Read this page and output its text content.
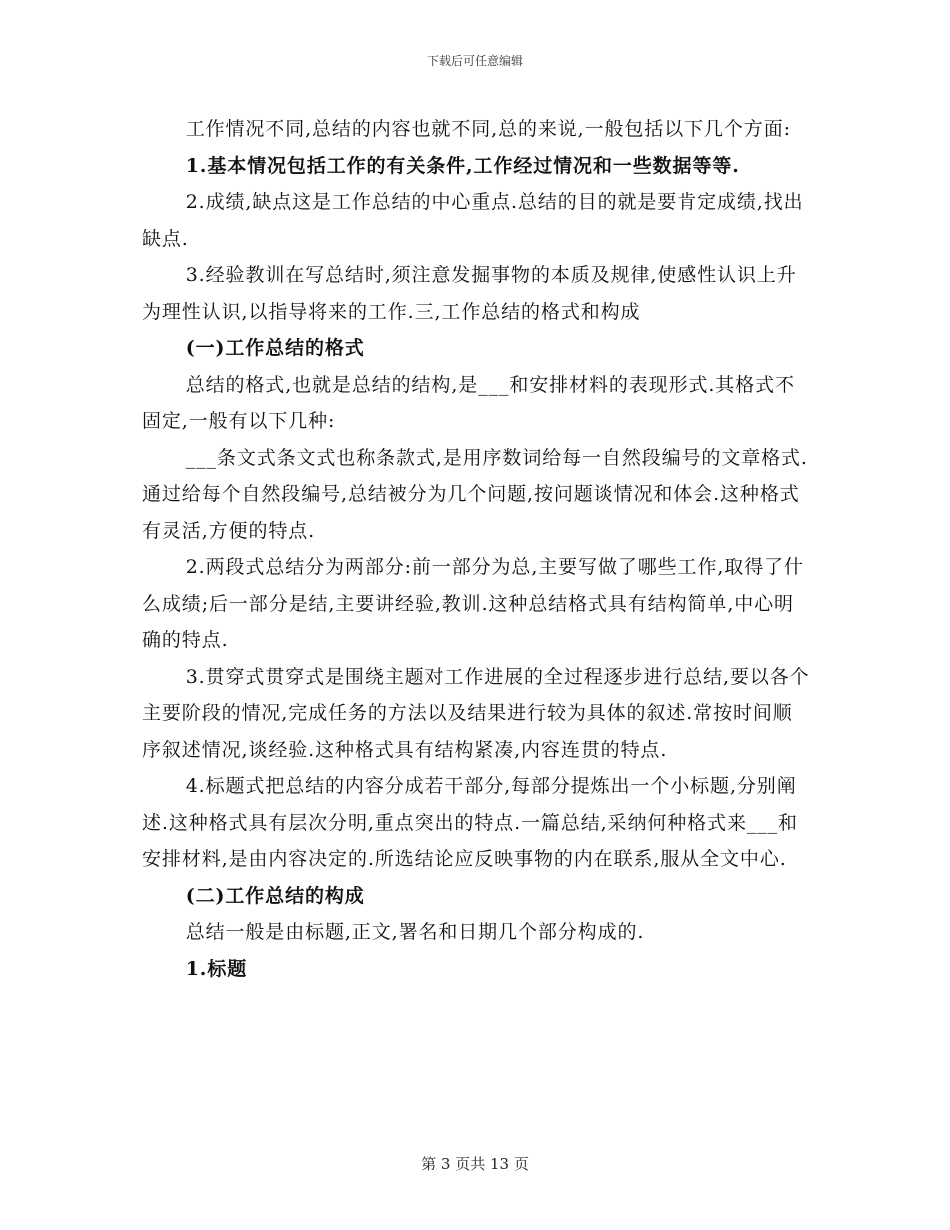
下载后可任意编辑

工作情况不同,总结的内容也就不同,总的来说,一般包括以下几个方面:

1.基本情况包括工作的有关条件,工作经过情况和一些数据等等.

2.成绩,缺点这是工作总结的中心重点.总结的目的就是要肯定成绩,找出缺点.

3.经验教训在写总结时,须注意发掘事物的本质及规律,使感性认识上升为理性认识,以指导将来的工作.三,工作总结的格式和构成

(一)工作总结的格式

总结的格式,也就是总结的结构,是___和安排材料的表现形式.其格式不固定,一般有以下几种:

___条文式条文式也称条款式,是用序数词给每一自然段编号的文章格式.通过给每个自然段编号,总结被分为几个问题,按问题谈情况和体会.这种格式有灵活,方便的特点.

2.两段式总结分为两部分:前一部分为总,主要写做了哪些工作,取得了什么成绩;后一部分是结,主要讲经验,教训.这种总结格式具有结构简单,中心明确的特点.

3.贯穿式贯穿式是围绕主题对工作进展的全过程逐步进行总结,要以各个主要阶段的情况,完成任务的方法以及结果进行较为具体的叙述.常按时间顺序叙述情况,谈经验.这种格式具有结构紧凑,内容连贯的特点.

4.标题式把总结的内容分成若干部分,每部分提炼出一个小标题,分别阐述.这种格式具有层次分明,重点突出的特点.一篇总结,采纳何种格式来___和安排材料,是由内容决定的.所选结论应反映事物的内在联系,服从全文中心.

(二)工作总结的构成

总结一般是由标题,正文,署名和日期几个部分构成的.

1.标题

第 3 页共 13 页
